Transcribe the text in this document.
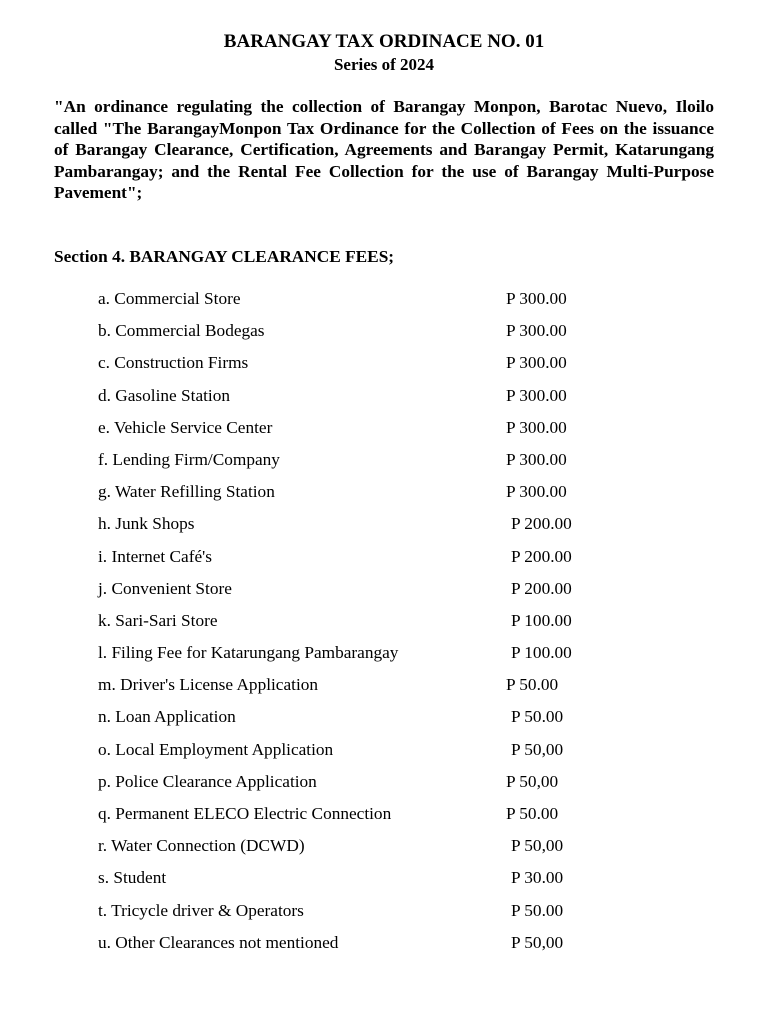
BARANGAY TAX ORDINACE NO. 01
Series of 2024

"An ordinance regulating the collection of Barangay Monpon, Barotac Nuevo, Iloilo called "The BarangayMonpon Tax Ordinance for the Collection of Fees on the issuance of Barangay Clearance, Certification, Agreements and Barangay Permit, Katarungang Pambarangay; and the Rental Fee Collection for the use of Barangay Multi-Purpose Pavement";

Section 4. BARANGAY CLEARANCE FEES;

a. Commercial Store	P 300.00
b. Commercial Bodegas	P 300.00
c. Construction Firms	P 300.00
d. Gasoline Station	P 300.00
e. Vehicle Service Center	P 300.00
f. Lending Firm/Company	P 300.00
g. Water Refilling Station	P 300.00
h. Junk Shops	P 200.00
i. Internet Café's	P 200.00
j. Convenient Store	P 200.00
k. Sari-Sari Store	P 100.00
l. Filing Fee for Katarungang Pambarangay	P 100.00
m. Driver's License Application	P 50.00
n. Loan Application	P 50.00
o. Local Employment Application	P 50,00
p. Police Clearance Application	P 50,00
q. Permanent ELECO Electric Connection	P 50.00
r. Water Connection (DCWD)	P 50,00
s. Student	P 30.00
t. Tricycle driver & Operators	P 50.00
u. Other Clearances not mentioned	P 50,00
